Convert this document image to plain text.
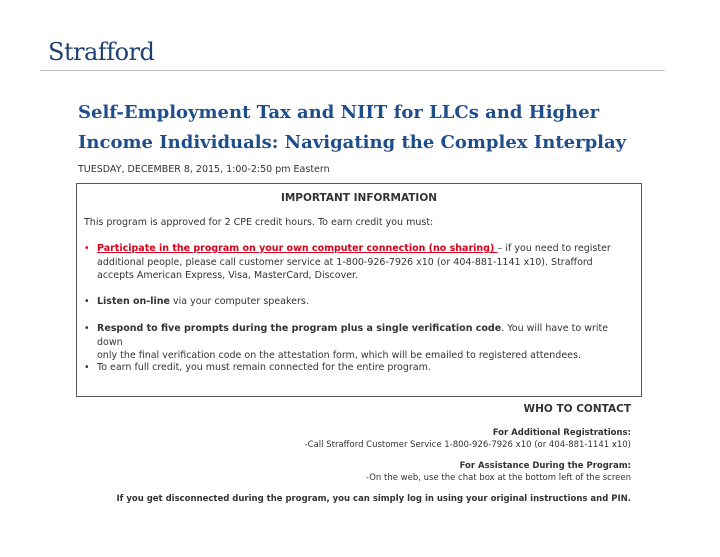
Strafford
Self-Employment Tax and NIIT for LLCs and Higher
Income Individuals: Navigating the Complex Interplay
TUESDAY, DECEMBER 8, 2015, 1:00-2:50 pm Eastern
IMPORTANT INFORMATION
This program is approved for 2 CPE credit hours. To earn credit you must:
• Participate in the program on your own computer connection (no sharing) – if you need to register
additional people, please call customer service at 1-800-926-7926 x10 (or 404-881-1141 x10). Strafford
accepts American Express, Visa, MasterCard, Discover.
• Listen on-line via your computer speakers.
• Respond to five prompts during the program plus a single verification code. You will have to write down
only the final verification code on the attestation form, which will be emailed to registered attendees.
• To earn full credit, you must remain connected for the entire program.
WHO TO CONTACT
For Additional Registrations:
-Call Strafford Customer Service 1-800-926-7926 x10 (or 404-881-1141 x10)
For Assistance During the Program:
-On the web, use the chat box at the bottom left of the screen
If you get disconnected during the program, you can simply log in using your original instructions and PIN.
